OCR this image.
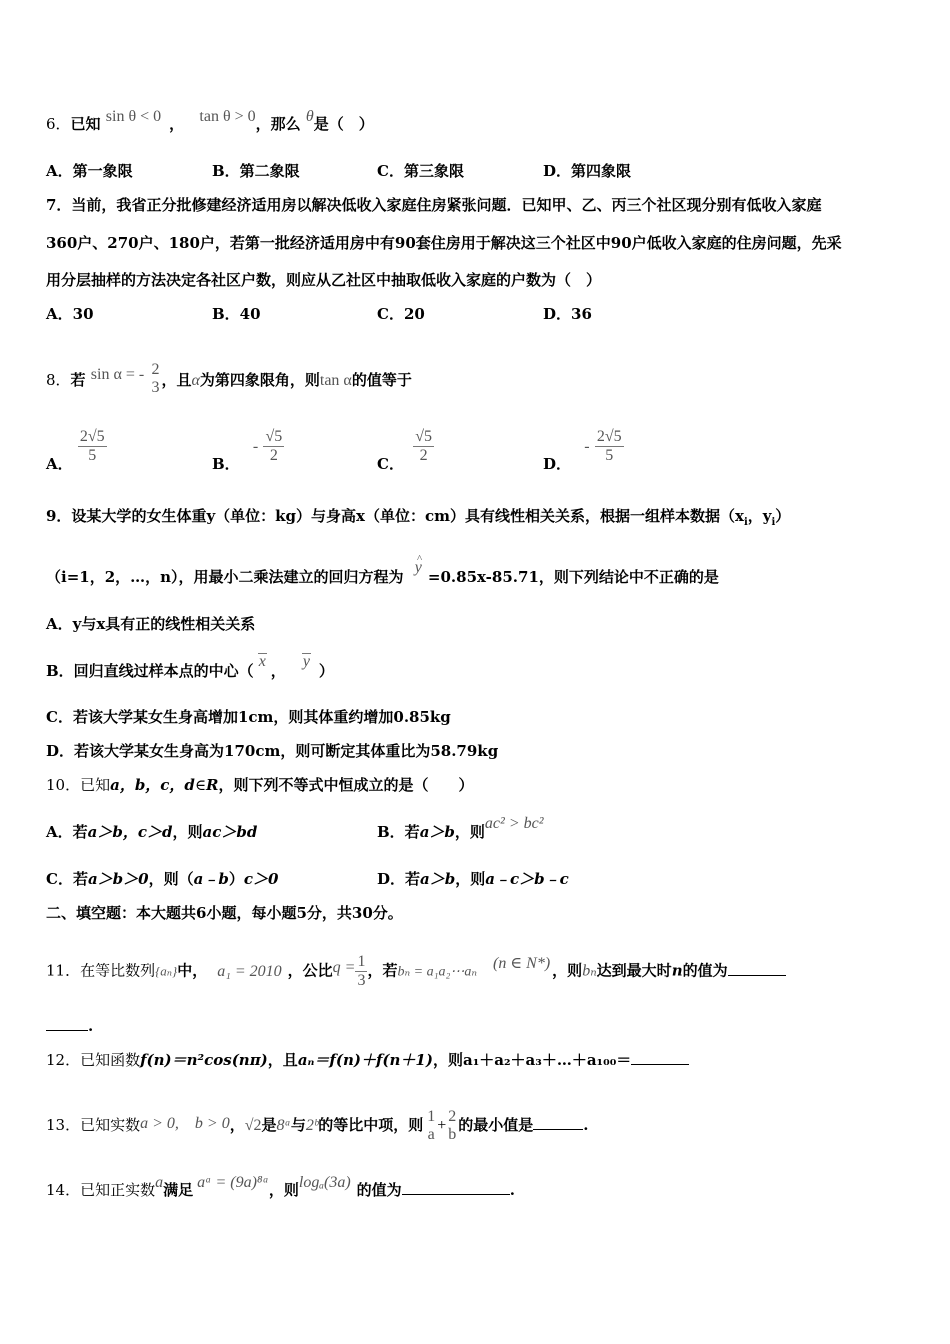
6．已知 sin θ < 0 ， tan θ > 0，那么 θ是（　）
A．第一象限	B．第二象限	C．第三象限	D．第四象限
7．当前，我省正分批修建经济适用房以解决低收入家庭住房紧张问题．已知甲、乙、丙三个社区现分别有低收入家庭
360户、270户、180户，若第一批经济适用房中有90套住房用于解决这三个社区中90户低收入家庭的住房问题，先采
用分层抽样的方法决定各社区户数，则应从乙社区中抽取低收入家庭的户数为（　）
A．30	B．40	C．20	D．36
8．若 sin α = - 2
3 ，且α为第四象限角，则tan α的值等于
A． $\frac{2√5}{5}$	B． - $\frac{√5}{2}$	C． $\frac{√5}{2}$	D． - $\frac{2√5}{5}$
9．设某大学的女生体重y（单位：kg）与身高x（单位：cm）具有线性相关关系，根据一组样本数据（$x_i$，$y_i$）
（i=1，2，…，n），用最小二乘法建立的回归方程为 ^ y=0.85x-85.71，则下列结论中不正确的是
A．y与x具有正的线性相关关系
B．回归直线过样本点的中心（x，y）
C．若该大学某女生身高增加1cm，则其体重约增加0.85kg
D．若该大学某女生身高为170cm，则可断定其体重比为58.79kg
10．已知a，b，c，d∈R，则下列不等式中恒成立的是（　　）
A．若a＞b，c＞d，则ac＞bd	B．若a＞b，则ac² > bc²
C．若a＞b＞0，则（a﹣b）c＞0	D．若a＞b，则a﹣c＞b﹣c
二、填空题：本大题共6小题，每小题5分，共30分。
11．在等比数列{aₙ}中， a₁ = 2010 ，公比$q = \frac{1}{3}$ ，若bₙ = a₁a₂⋯aₙ(n ∈ N*) ，则bₙ达到最大时n的值为
.
12．已知函数f(n)＝n²cos(nπ)，且aₙ＝f(n)＋f(n＋1)，则a₁＋a₂＋a₃＋…＋a₁₀₀＝
13．已知实数a > 0,　b > 0，√2是8ᵃ与2ᵇ的等比中项，则 1
a
+
2
b
的最小值是	.
14．已知正实数a满足 aᵃ = (9a)⁸ᵃ，则logₐ(3a) 的值为	.
